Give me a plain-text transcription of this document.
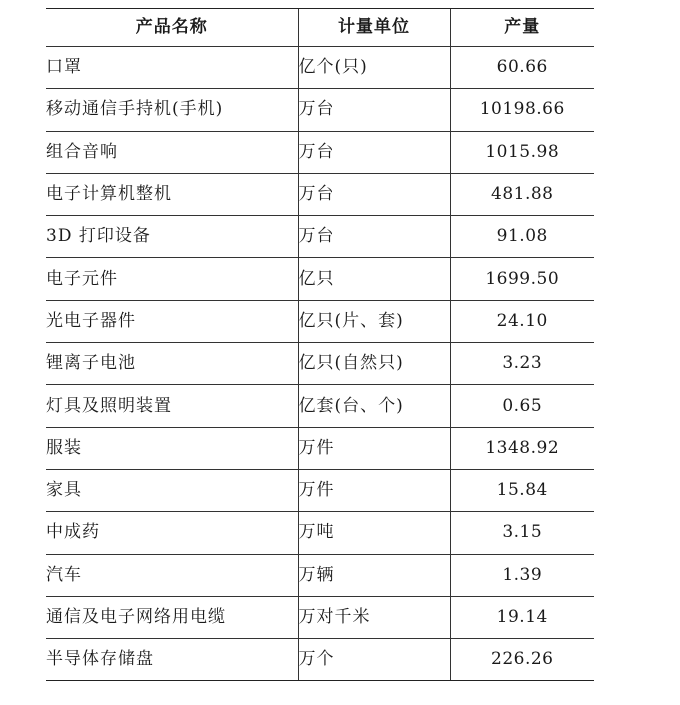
产品名称	计量单位	产量
口罩	亿个(只)	60.66
移动通信手持机(手机)	万台	10198.66
组合音响	万台	1015.98
电子计算机整机	万台	481.88
3D 打印设备	万台	91.08
电子元件	亿只	1699.50
光电子器件	亿只(片、套)	24.10
锂离子电池	亿只(自然只)	3.23
灯具及照明装置	亿套(台、个)	0.65
服装	万件	1348.92
家具	万件	15.84
中成药	万吨	3.15
汽车	万辆	1.39
通信及电子网络用电缆	万对千米	19.14
半导体存储盘	万个	226.26
